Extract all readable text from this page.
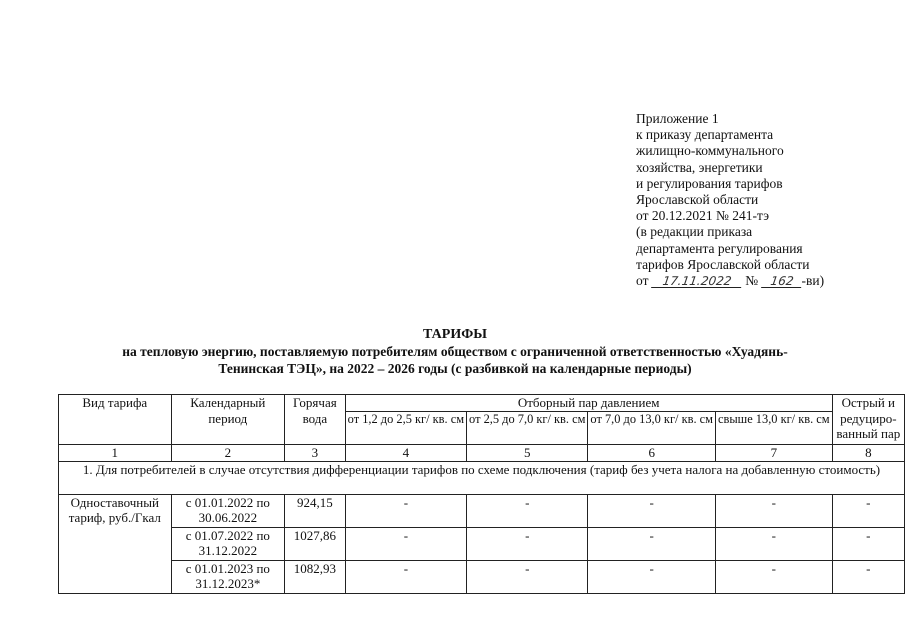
Приложение 1
к приказу департамента
жилищно-коммунального
хозяйства, энергетики
и регулирования тарифов
Ярославской области
от 20.12.2021 № 241-тэ
(в редакции приказа
департамента регулирования
тарифов Ярославской области
от 17.11.2022 № 162 -ви)
ТАРИФЫ
на тепловую энергию, поставляемую потребителям обществом с ограниченной ответственностью «Хуадянь-
Тенинская ТЭЦ», на 2022 – 2026 годы (с разбивкой на календарные периоды)
Вид тарифа	Календарный период	Горячая вода	Отборный пар давлением				Острый и редуциро-ванный пар
			от 1,2 до 2,5 кг/ кв. см	от 2,5 до 7,0 кг/ кв. см	от 7,0 до 13,0 кг/ кв. см	свыше 13,0 кг/ кв. см	
1	2	3	4	5	6	7	8
1. Для потребителей в случае отсутствия дифференциации тарифов по схеме подключения (тариф без учета налога на добавленную стоимость)							
Одноставочный тариф, руб./Гкал	с 01.01.2022 по 30.06.2022	924,15	-	-	-	-	-
	с 01.07.2022 по 31.12.2022	1027,86	-	-	-	-	-
	с 01.01.2023 по 31.12.2023*	1082,93	-	-	-	-	-
